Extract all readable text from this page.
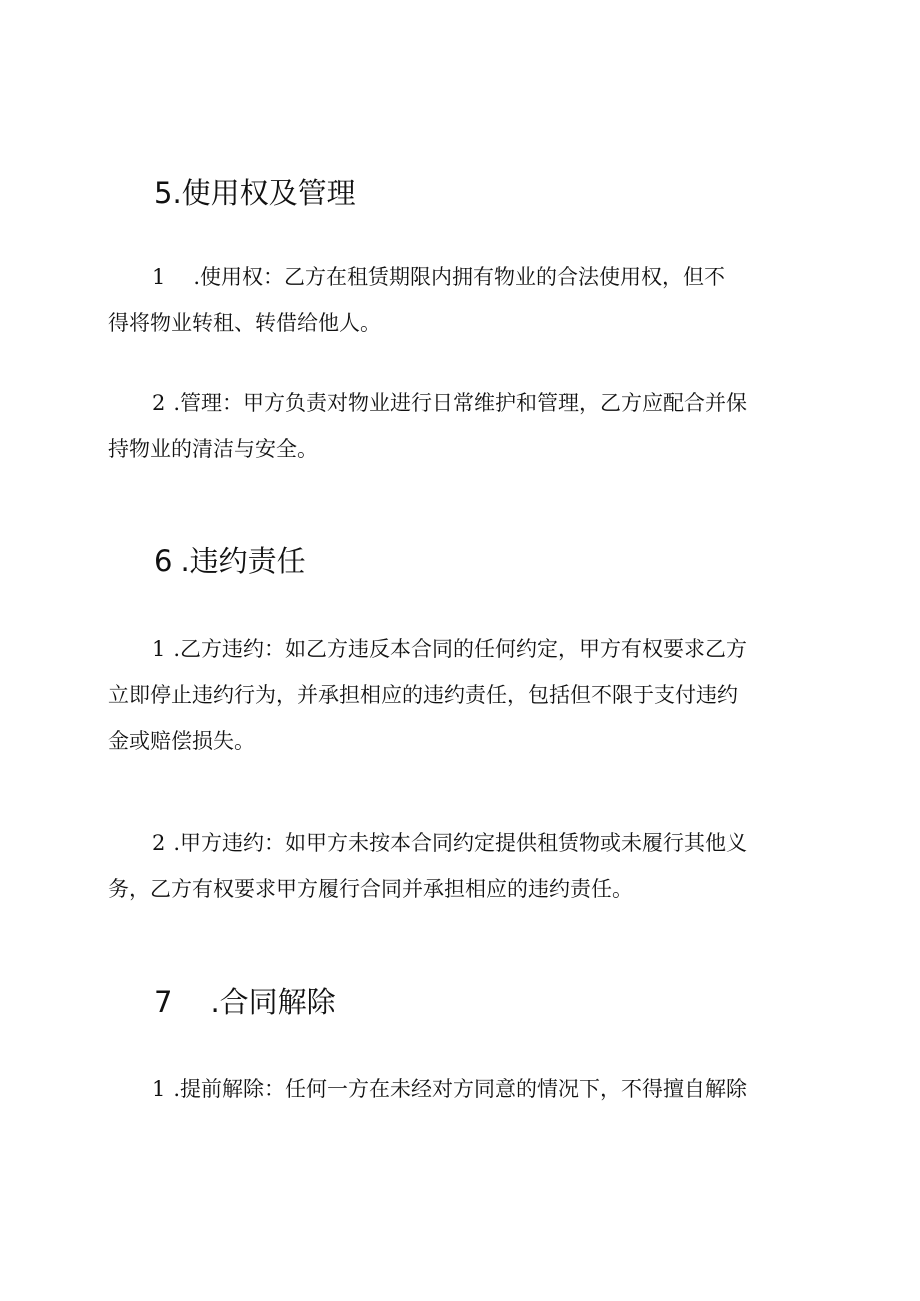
5.使用权及管理

1 .使用权：乙方在租赁期限内拥有物业的合法使用权，但不
得将物业转租、转借给他人。

2 .管理：甲方负责对物业进行日常维护和管理，乙方应配合并保
持物业的清洁与安全。

6 .违约责任

1 .乙方违约：如乙方违反本合同的任何约定，甲方有权要求乙方
立即停止违约行为，并承担相应的违约责任，包括但不限于支付违约
金或赔偿损失。

2 .甲方违约：如甲方未按本合同约定提供租赁物或未履行其他义
务，乙方有权要求甲方履行合同并承担相应的违约责任。

7 .合同解除

1 .提前解除：任何一方在未经对方同意的情况下，不得擅自解除
